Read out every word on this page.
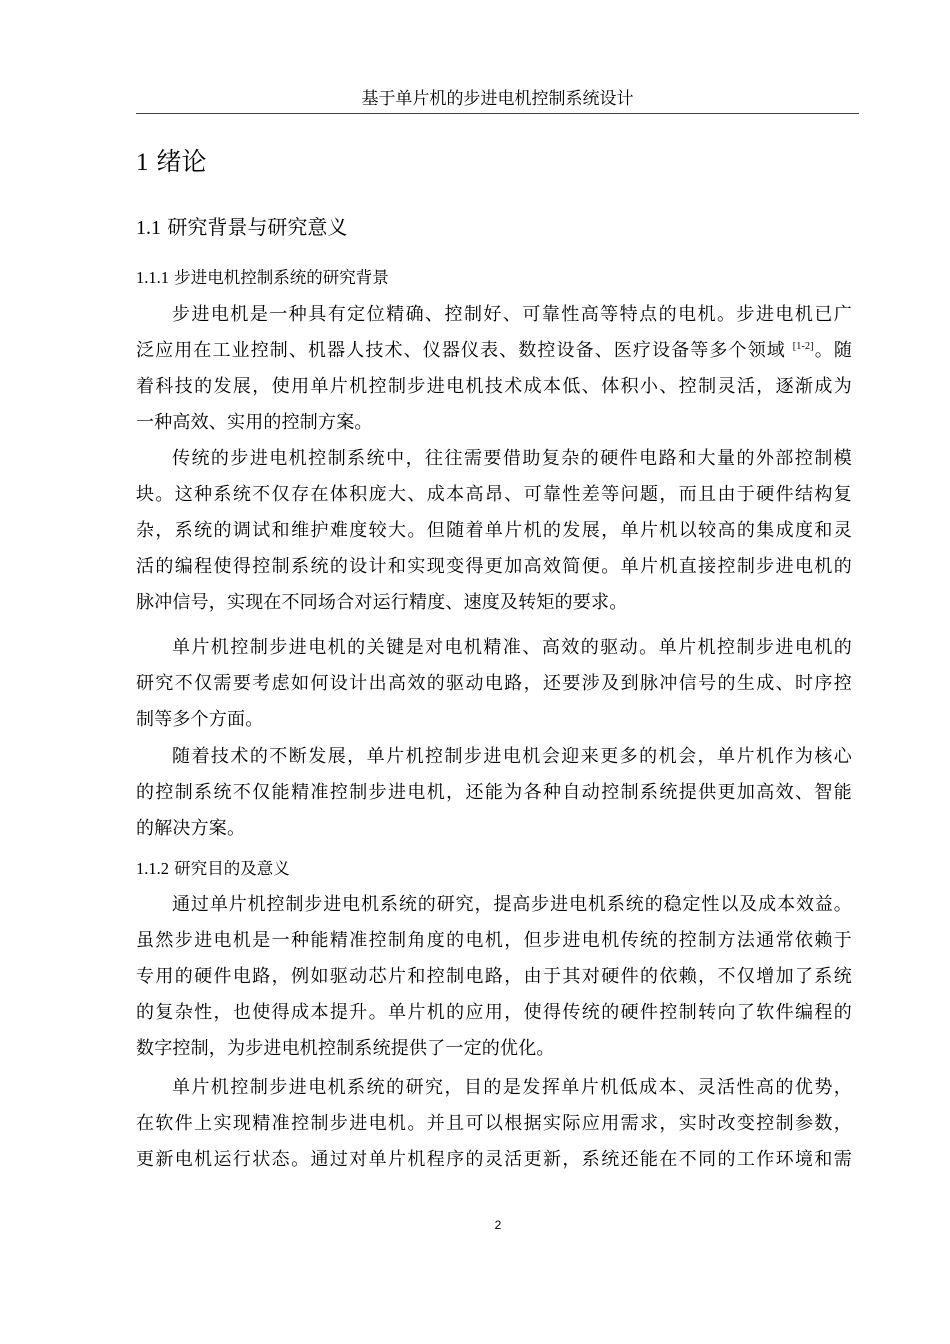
基于单片机的步进电机控制系统设计
1 绪论
1.1 研究背景与研究意义
1.1.1 步进电机控制系统的研究背景
步进电机是一种具有定位精确、控制好、可靠性高等特点的电机。步进电机已广
泛应用在工业控制、机器人技术、仪器仪表、数控设备、医疗设备等多个领域 [1-2]。随
着科技的发展，使用单片机控制步进电机技术成本低、体积小、控制灵活，逐渐成为
一种高效、实用的控制方案。
传统的步进电机控制系统中，往往需要借助复杂的硬件电路和大量的外部控制模
块。这种系统不仅存在体积庞大、成本高昂、可靠性差等问题，而且由于硬件结构复
杂，系统的调试和维护难度较大。但随着单片机的发展，单片机以较高的集成度和灵
活的编程使得控制系统的设计和实现变得更加高效简便。单片机直接控制步进电机的
脉冲信号，实现在不同场合对运行精度、速度及转矩的要求。
单片机控制步进电机的关键是对电机精准、高效的驱动。单片机控制步进电机的
研究不仅需要考虑如何设计出高效的驱动电路，还要涉及到脉冲信号的生成、时序控
制等多个方面。
随着技术的不断发展，单片机控制步进电机会迎来更多的机会，单片机作为核心
的控制系统不仅能精准控制步进电机，还能为各种自动控制系统提供更加高效、智能
的解决方案。
1.1.2 研究目的及意义
通过单片机控制步进电机系统的研究，提高步进电机系统的稳定性以及成本效益。
虽然步进电机是一种能精准控制角度的电机，但步进电机传统的控制方法通常依赖于
专用的硬件电路，例如驱动芯片和控制电路，由于其对硬件的依赖，不仅增加了系统
的复杂性，也使得成本提升。单片机的应用，使得传统的硬件控制转向了软件编程的
数字控制，为步进电机控制系统提供了一定的优化。
单片机控制步进电机系统的研究，目的是发挥单片机低成本、灵活性高的优势，
在软件上实现精准控制步进电机。并且可以根据实际应用需求，实时改变控制参数，
更新电机运行状态。通过对单片机程序的灵活更新，系统还能在不同的工作环境和需
2
